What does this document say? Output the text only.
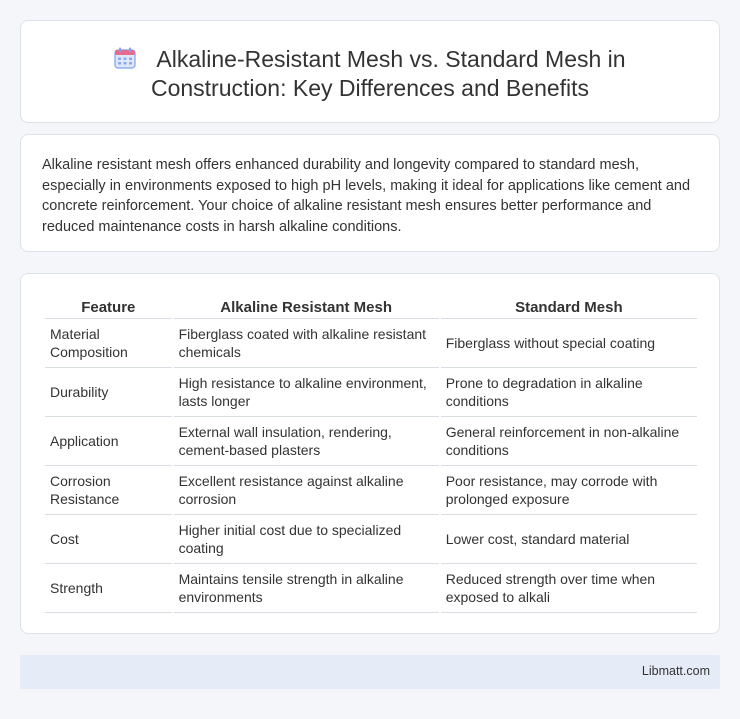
Alkaline-Resistant Mesh vs. Standard Mesh in
Construction: Key Differences and Benefits

Alkaline resistant mesh offers enhanced durability and longevity compared to standard mesh, especially in environments exposed to high pH levels, making it ideal for applications like cement and concrete reinforcement. Your choice of alkaline resistant mesh ensures better performance and reduced maintenance costs in harsh alkaline conditions.

Feature	Alkaline Resistant Mesh	Standard Mesh
Material Composition	Fiberglass coated with alkaline resistant chemicals	Fiberglass without special coating
Durability	High resistance to alkaline environment, lasts longer	Prone to degradation in alkaline conditions
Application	External wall insulation, rendering, cement-based plasters	General reinforcement in non-alkaline conditions
Corrosion Resistance	Excellent resistance against alkaline corrosion	Poor resistance, may corrode with prolonged exposure
Cost	Higher initial cost due to specialized coating	Lower cost, standard material
Strength	Maintains tensile strength in alkaline environments	Reduced strength over time when exposed to alkali
Libmatt.com
